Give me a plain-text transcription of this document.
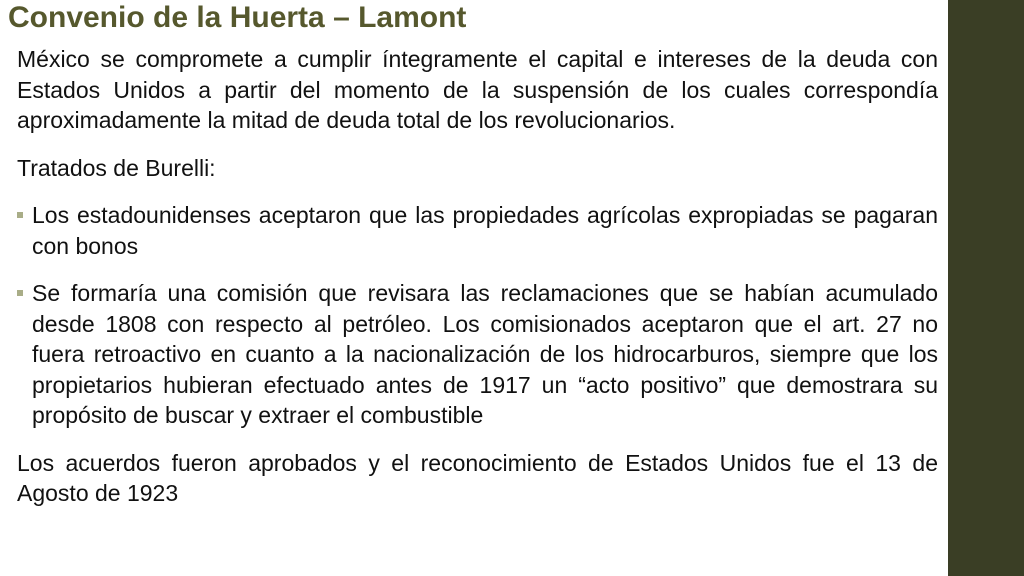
Convenio de la Huerta – Lamont

México se compromete a cumplir íntegramente el capital e intereses de la deuda con Estados Unidos a partir del momento de la suspensión de los cuales correspondía aproximadamente la mitad de deuda total de los revolucionarios.

Tratados de Burelli:

Los estadounidenses aceptaron que las propiedades agrícolas expropiadas se pagaran con bonos
Se formaría una comisión que revisara las reclamaciones que se habían acumulado desde 1808 con respecto al petróleo. Los comisionados aceptaron que el art. 27 no fuera retroactivo en cuanto a la nacionalización de los hidrocarburos, siempre que los propietarios hubieran efectuado antes de 1917 un “acto positivo” que demostrara su propósito de buscar y extraer el combustible

Los acuerdos fueron aprobados y el reconocimiento de Estados Unidos fue el 13 de Agosto de 1923
